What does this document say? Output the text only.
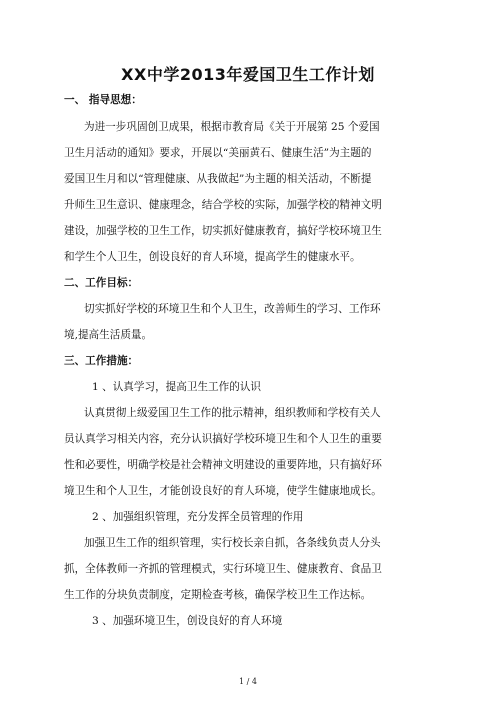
XX中学2013年爱国卫生工作计划
一、 指导思想：
为进一步巩固创卫成果，根据市教育局《关于开展第 25 个爱国
卫生月活动的通知》要求，开展以“美丽黄石、健康生活”为主题的
爱国卫生月和以“管理健康、从我做起”为主题的相关活动，不断提
升师生卫生意识、健康理念，结合学校的实际，加强学校的精神文明
建设，加强学校的卫生工作，切实抓好健康教育，搞好学校环境卫生
和学生个人卫生，创设良好的育人环境，提高学生的健康水平。
二、工作目标：
切实抓好学校的环境卫生和个人卫生，改善师生的学习、工作环
境,提高生活质量。
三、工作措施：
1 、认真学习，提高卫生工作的认识
认真贯彻上级爱国卫生工作的批示精神，组织教师和学校有关人
员认真学习相关内容，充分认识搞好学校环境卫生和个人卫生的重要
性和必要性，明确学校是社会精神文明建设的重要阵地，只有搞好环
境卫生和个人卫生，才能创设良好的育人环境，使学生健康地成长。
2 、加强组织管理，充分发挥全员管理的作用
加强卫生工作的组织管理，实行校长亲自抓，各条线负责人分头
抓，全体教师一齐抓的管理模式，实行环境卫生、健康教育、食品卫
生工作的分块负责制度，定期检查考核，确保学校卫生工作达标。
3 、加强环境卫生，创设良好的育人环境
1 / 4
